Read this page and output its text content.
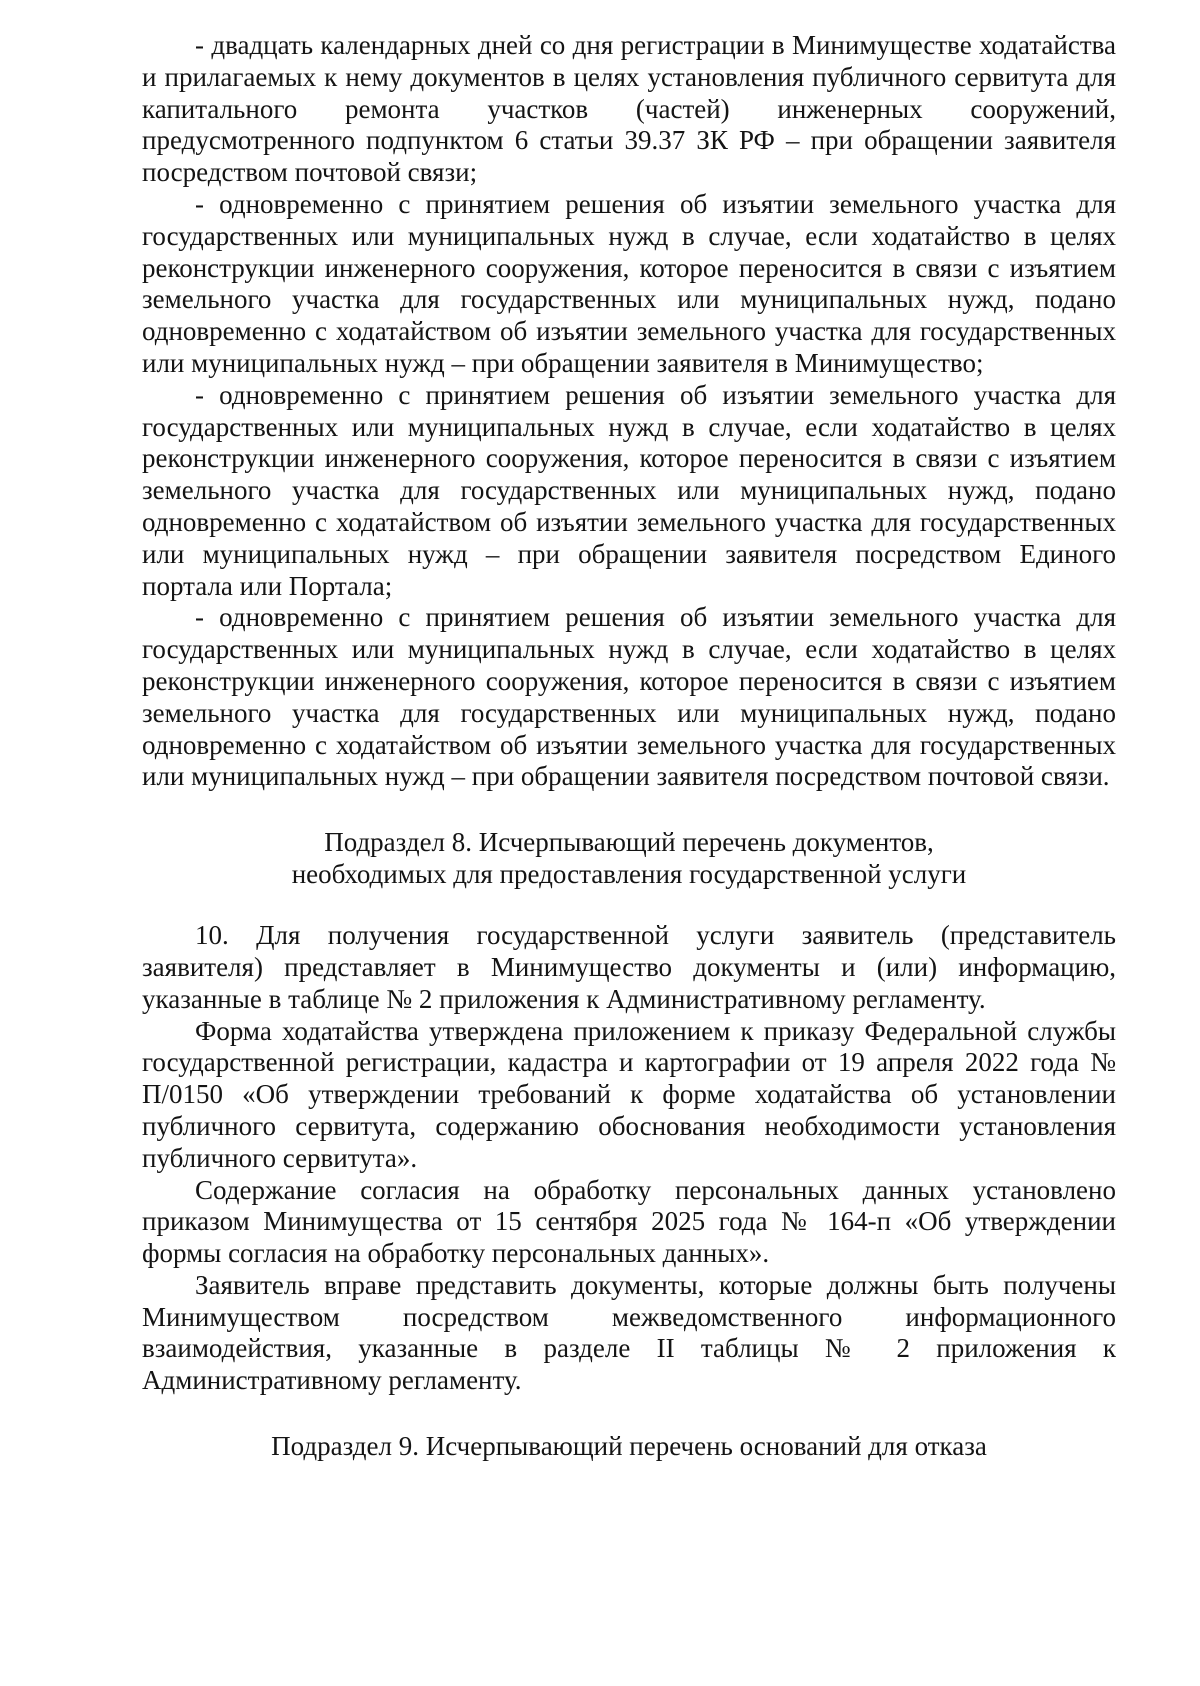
- двадцать календарных дней со дня регистрации в Минимуществе ходатайства и прилагаемых к нему документов в целях установления публичного сервитута для капитального ремонта участков (частей) инженерных сооружений, предусмотренного подпунктом 6 статьи 39.37 ЗК РФ – при обращении заявителя посредством почтовой связи;

- одновременно с принятием решения об изъятии земельного участка для государственных или муниципальных нужд в случае, если ходатайство в целях реконструкции инженерного сооружения, которое переносится в связи с изъятием земельного участка для государственных или муниципальных нужд, подано одновременно с ходатайством об изъятии земельного участка для государственных или муниципальных нужд – при обращении заявителя в Минимущество;

- одновременно с принятием решения об изъятии земельного участка для государственных или муниципальных нужд в случае, если ходатайство в целях реконструкции инженерного сооружения, которое переносится в связи с изъятием земельного участка для государственных или муниципальных нужд, подано одновременно с ходатайством об изъятии земельного участка для государственных или муниципальных нужд – при обращении заявителя посредством Единого портала или Портала;

- одновременно с принятием решения об изъятии земельного участка для государственных или муниципальных нужд в случае, если ходатайство в целях реконструкции инженерного сооружения, которое переносится в связи с изъятием земельного участка для государственных или муниципальных нужд, подано одновременно с ходатайством об изъятии земельного участка для государственных или муниципальных нужд – при обращении заявителя посредством почтовой связи.

Подраздел 8. Исчерпывающий перечень документов,
необходимых для предоставления государственной услуги

10. Для получения государственной услуги заявитель (представитель заявителя) представляет в Минимущество документы и (или) информацию, указанные в таблице № 2 приложения к Административному регламенту.

Форма ходатайства утверждена приложением к приказу Федеральной службы государственной регистрации, кадастра и картографии от 19 апреля 2022 года № П/0150 «Об утверждении требований к форме ходатайства об установлении публичного сервитута, содержанию обоснования необходимости установления публичного сервитута».

Содержание согласия на обработку персональных данных установлено приказом Минимущества от 15 сентября 2025 года № 164-п «Об утверждении формы согласия на обработку персональных данных».

Заявитель вправе представить документы, которые должны быть получены Минимуществом посредством межведомственного информационного взаимодействия, указанные в разделе II таблицы № 2 приложения к Административному регламенту.

Подраздел 9. Исчерпывающий перечень оснований для отказа
